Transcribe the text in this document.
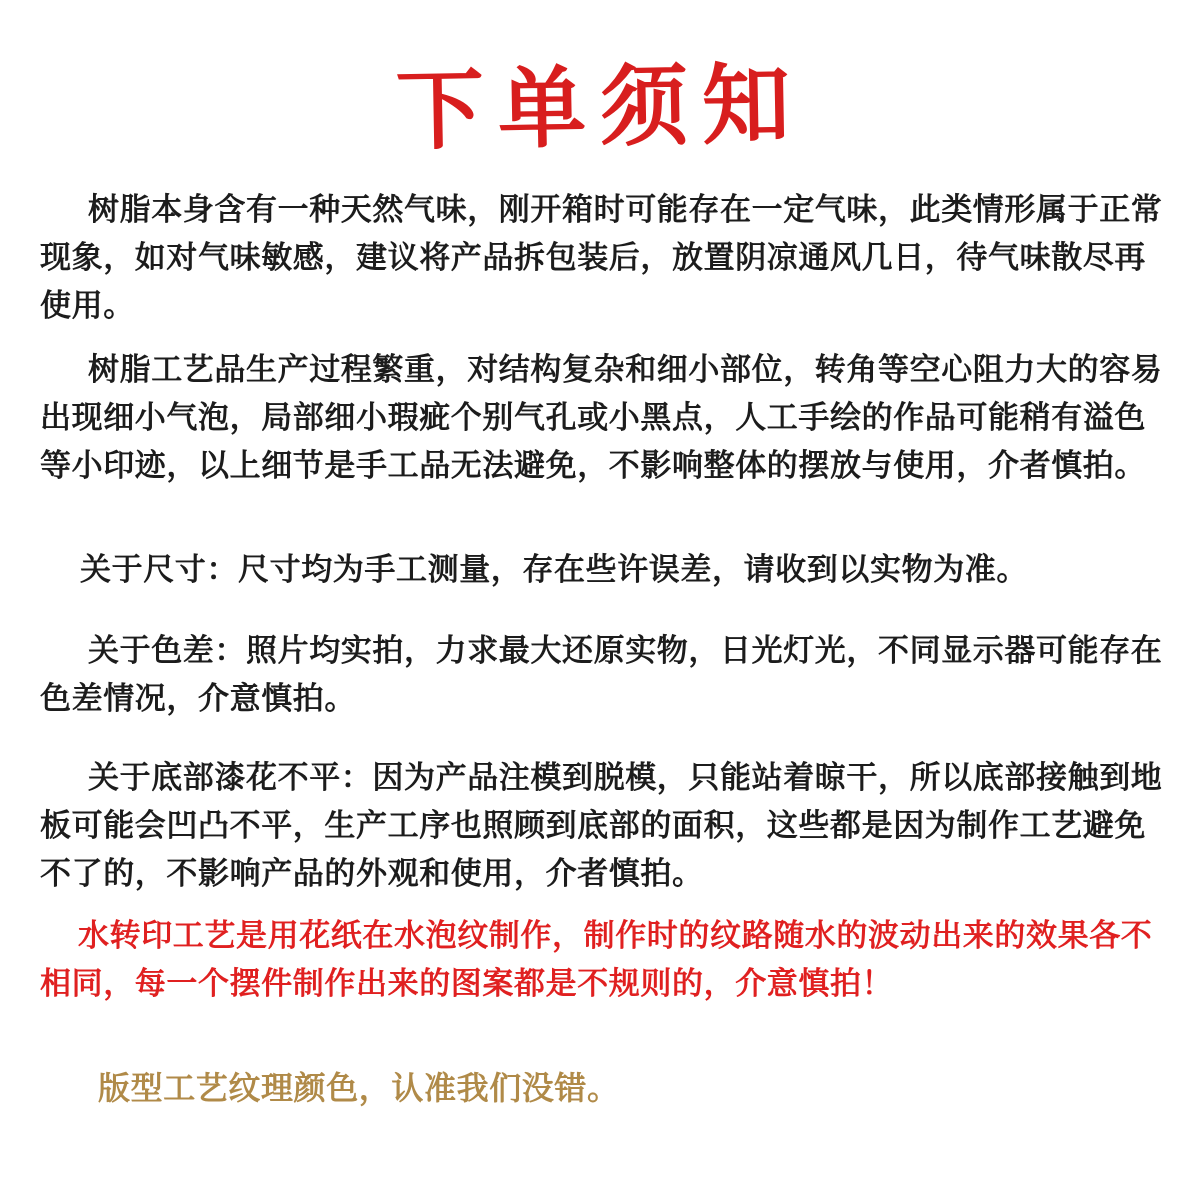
下单须知

树脂本身含有一种天然气味，刚开箱时可能存在一定气味，此类情形属于正常现象，如对气味敏感，建议将产品拆包装后，放置阴凉通风几日，待气味散尽再使用。

树脂工艺品生产过程繁重，对结构复杂和细小部位，转角等空心阻力大的容易出现细小气泡，局部细小瑕疵个别气孔或小黑点，人工手绘的作品可能稍有溢色等小印迹，以上细节是手工品无法避免，不影响整体的摆放与使用，介者慎拍。

关于尺寸：尺寸均为手工测量，存在些许误差，请收到以实物为准。

关于色差：照片均实拍，力求最大还原实物，日光灯光，不同显示器可能存在色差情况，介意慎拍。

关于底部漆花不平：因为产品注模到脱模，只能站着晾干，所以底部接触到地板可能会凹凸不平，生产工序也照顾到底部的面积，这些都是因为制作工艺避免不了的，不影响产品的外观和使用，介者慎拍。

水转印工艺是用花纸在水泡纹制作，制作时的纹路随水的波动出来的效果各不相同，每一个摆件制作出来的图案都是不规则的，介意慎拍！

版型工艺纹理颜色，认准我们没错。
